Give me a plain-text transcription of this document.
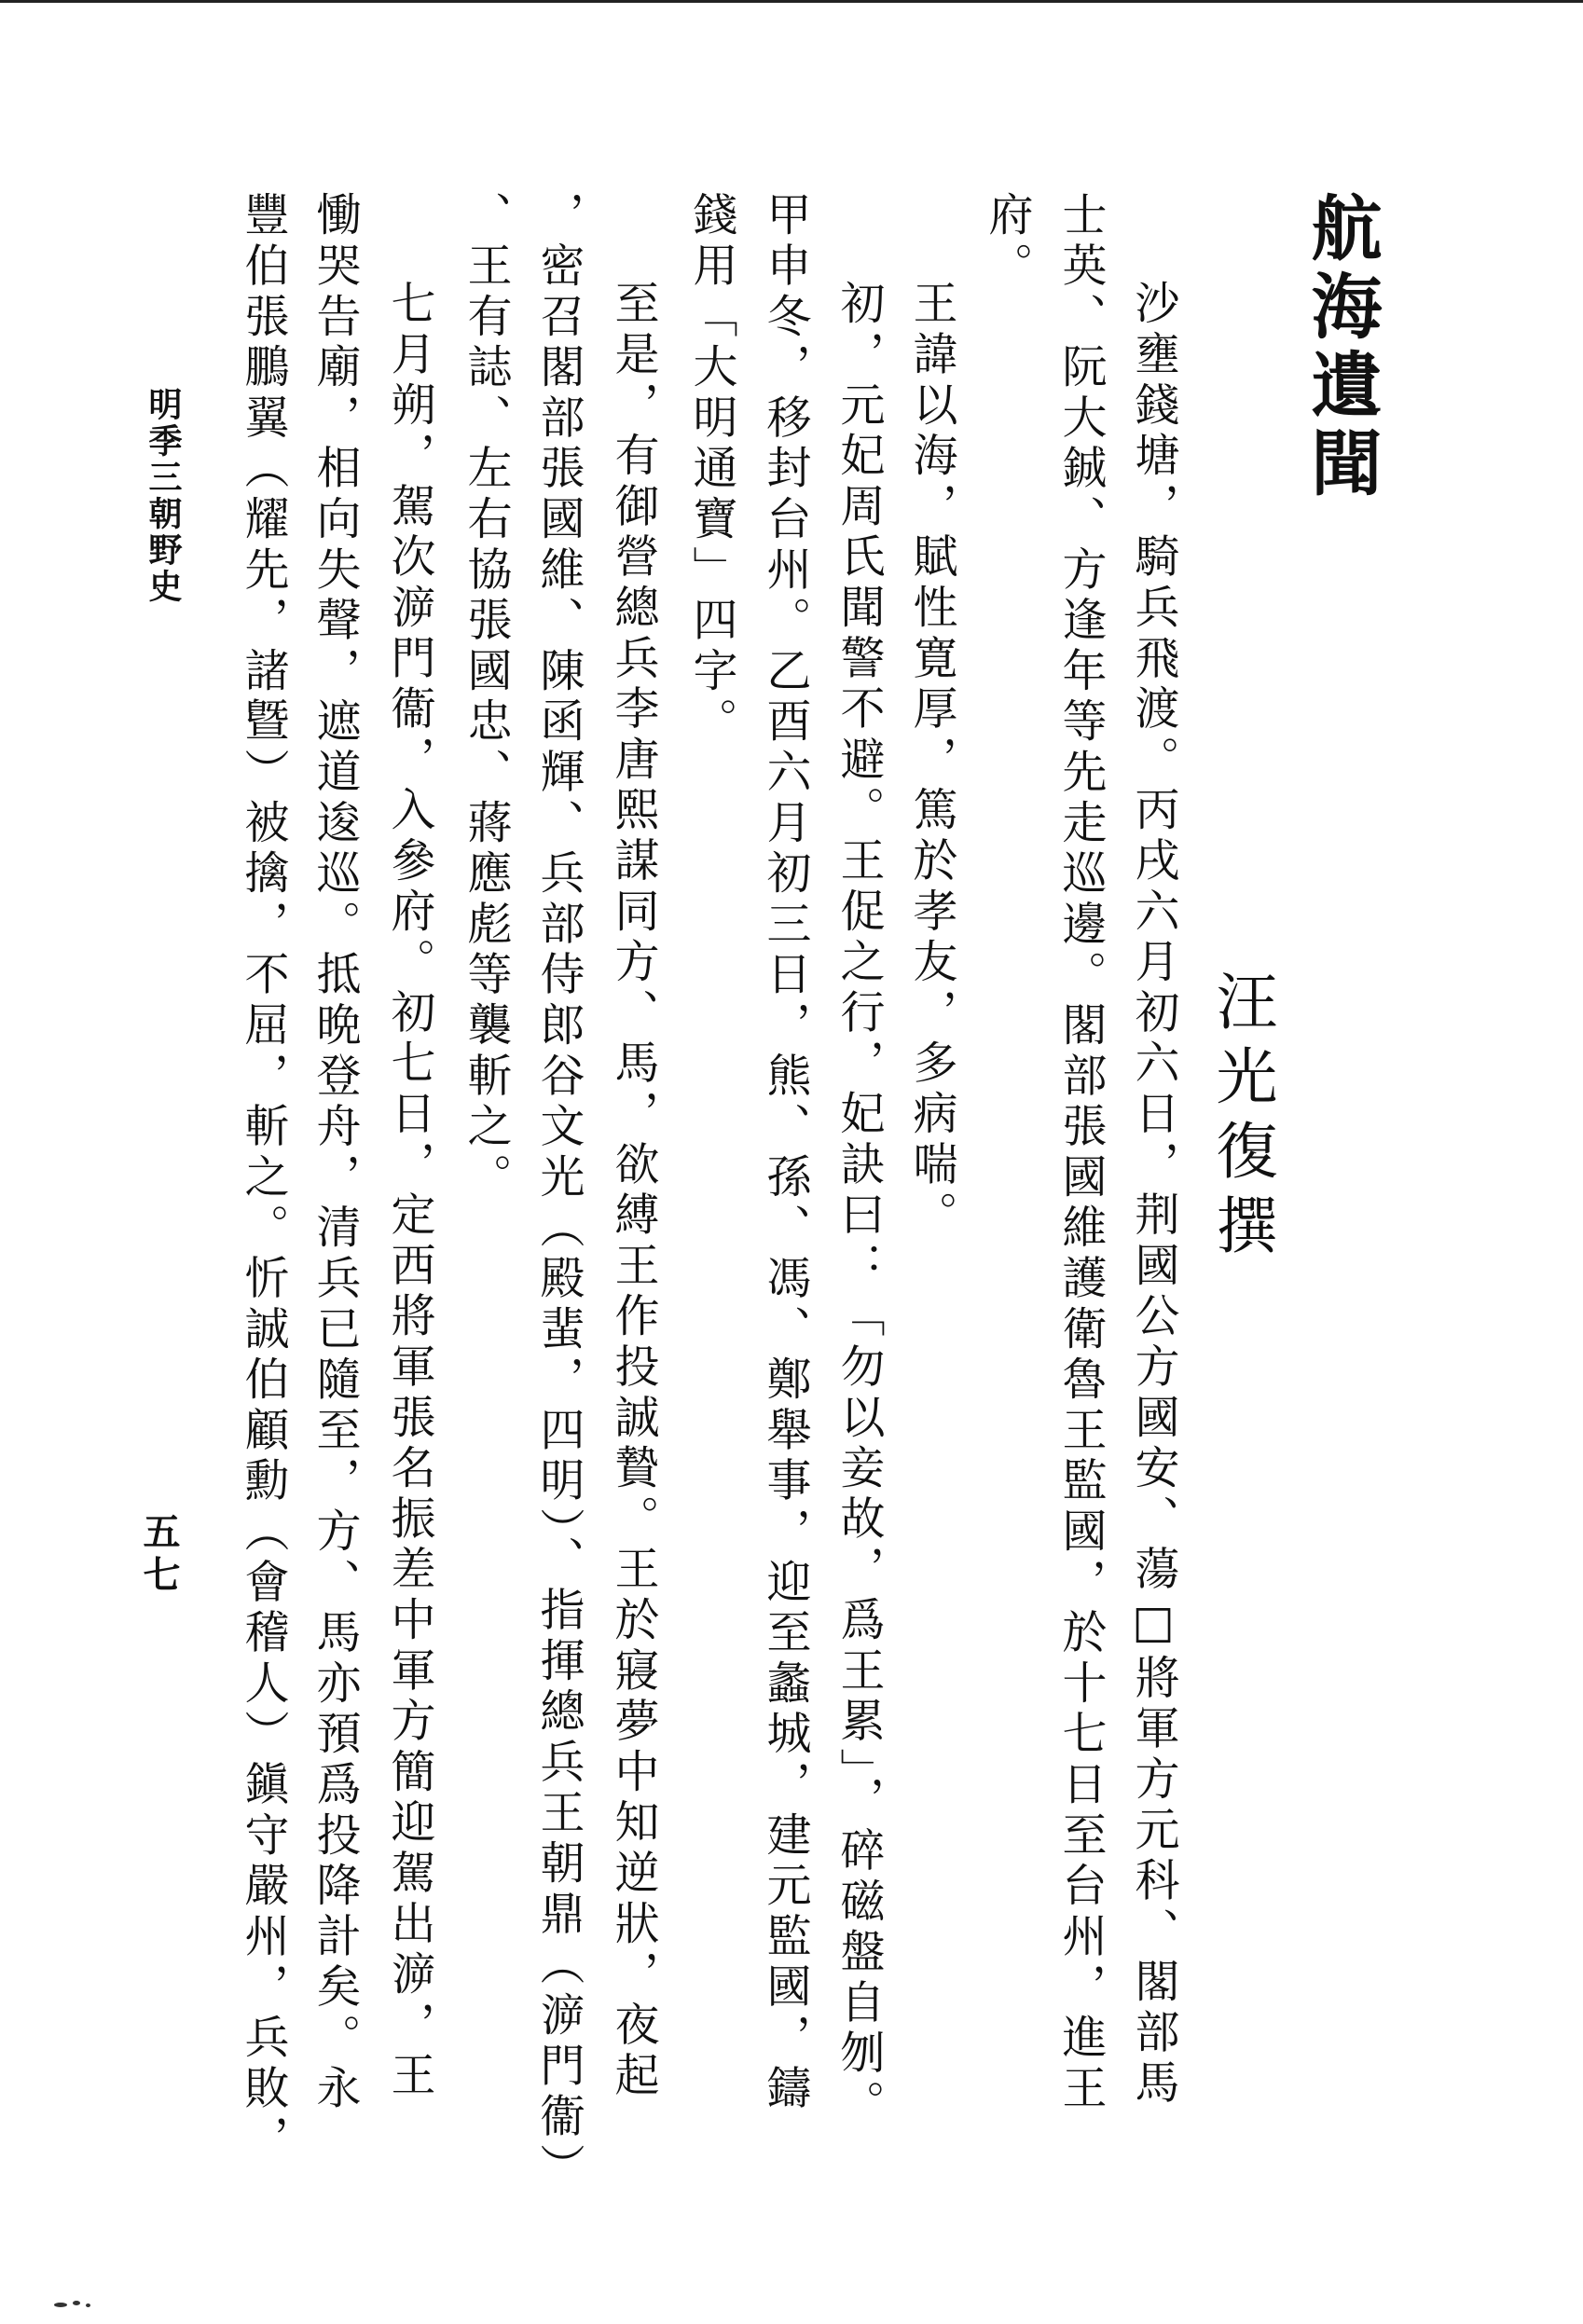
航海遺聞
汪光復撰
府。 士英、阮大鋮、方逢年等先走巡邊。閣部張國維護衛魯王監國，於十七日至台州，進王 沙壅錢塘，騎兵飛渡。丙戌六月初六日，荆國公方國安、蕩□將軍方元科、閣部馬
王諱以海，賦性寛厚，篤於孝友，多病喘。
初，元妃周氏聞警不避。王促之行，妃訣曰：「勿以妾故，爲王累」，碎磁盤自刎。
甲申冬，移封台州。乙酉六月初三日，熊、孫、馮、鄭舉事，迎至蠡城，建元監國，鑄
錢用「大明通寶」四字。
至是，有御營總兵李唐熙謀同方、馬，欲縛王作投誠贄。王於寢夢中知逆狀，夜起
，密召閣部張國維、陳函輝、兵部侍郎谷文光（殿蜚，四明）、指揮總兵王朝鼎（㴑門衞）
、王有誌、左右協張國忠、蔣應彪等襲斬之。
七月朔，駕次㴑門衞，入參府。初七日，定西將軍張名振差中軍方簡迎駕出㴑，王
慟哭告廟，相向失聲，遮道逡巡。抵晩登舟，清兵已隨至，方、馬亦預爲投降計矣。永
豐伯張鵬翼（耀先，諸曁）被擒，不屈，斬之。忻誠伯顧勳（會稽人）鎭守嚴州，兵敗，
明季三朝野史
五七
